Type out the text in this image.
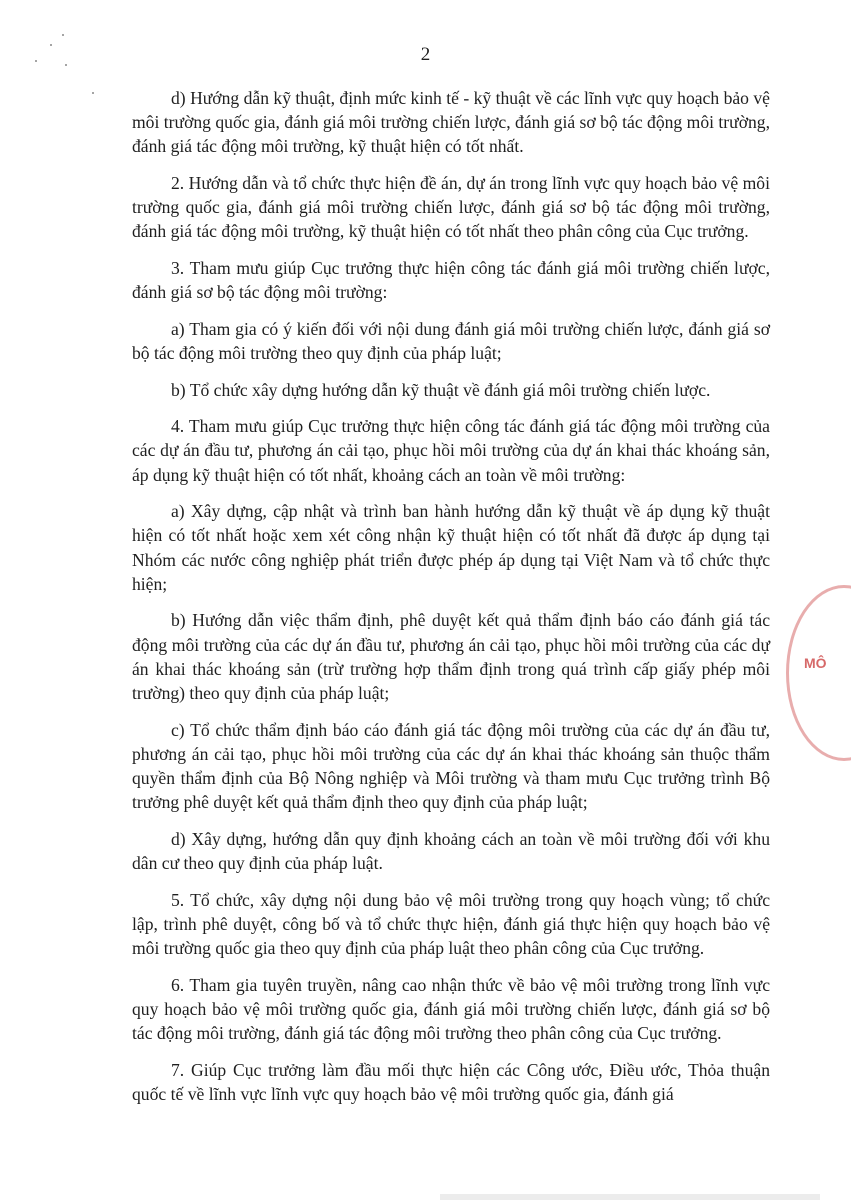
2

d) Hướng dẫn kỹ thuật, định mức kinh tế - kỹ thuật về các lĩnh vực quy hoạch bảo vệ môi trường quốc gia, đánh giá môi trường chiến lược, đánh giá sơ bộ tác động môi trường, đánh giá tác động môi trường, kỹ thuật hiện có tốt nhất.

2. Hướng dẫn và tổ chức thực hiện đề án, dự án trong lĩnh vực quy hoạch bảo vệ môi trường quốc gia, đánh giá môi trường chiến lược, đánh giá sơ bộ tác động môi trường, đánh giá tác động môi trường, kỹ thuật hiện có tốt nhất theo phân công của Cục trưởng.

3. Tham mưu giúp Cục trưởng thực hiện công tác đánh giá môi trường chiến lược, đánh giá sơ bộ tác động môi trường:

a) Tham gia có ý kiến đối với nội dung đánh giá môi trường chiến lược, đánh giá sơ bộ tác động môi trường theo quy định của pháp luật;

b) Tổ chức xây dựng hướng dẫn kỹ thuật về đánh giá môi trường chiến lược.

4. Tham mưu giúp Cục trưởng thực hiện công tác đánh giá tác động môi trường của các dự án đầu tư, phương án cải tạo, phục hồi môi trường của dự án khai thác khoáng sản, áp dụng kỹ thuật hiện có tốt nhất, khoảng cách an toàn về môi trường:

a) Xây dựng, cập nhật và trình ban hành hướng dẫn kỹ thuật về áp dụng kỹ thuật hiện có tốt nhất hoặc xem xét công nhận kỹ thuật hiện có tốt nhất đã được áp dụng tại Nhóm các nước công nghiệp phát triển được phép áp dụng tại Việt Nam và tổ chức thực hiện;

b) Hướng dẫn việc thẩm định, phê duyệt kết quả thẩm định báo cáo đánh giá tác động môi trường của các dự án đầu tư, phương án cải tạo, phục hồi môi trường của các dự án khai thác khoáng sản (trừ trường hợp thẩm định trong quá trình cấp giấy phép môi trường) theo quy định của pháp luật;

c) Tổ chức thẩm định báo cáo đánh giá tác động môi trường của các dự án đầu tư, phương án cải tạo, phục hồi môi trường của các dự án khai thác khoáng sản thuộc thẩm quyền thẩm định của Bộ Nông nghiệp và Môi trường và tham mưu Cục trưởng trình Bộ trưởng phê duyệt kết quả thẩm định theo quy định của pháp luật;

d) Xây dựng, hướng dẫn quy định khoảng cách an toàn về môi trường đối với khu dân cư theo quy định của pháp luật.

5. Tổ chức, xây dựng nội dung bảo vệ môi trường trong quy hoạch vùng; tổ chức lập, trình phê duyệt, công bố và tổ chức thực hiện, đánh giá thực hiện quy hoạch bảo vệ môi trường quốc gia theo quy định của pháp luật theo phân công của Cục trưởng.

6. Tham gia tuyên truyền, nâng cao nhận thức về bảo vệ môi trường trong lĩnh vực quy hoạch bảo vệ môi trường quốc gia, đánh giá môi trường chiến lược, đánh giá sơ bộ tác động môi trường, đánh giá tác động môi trường theo phân công của Cục trưởng.

7. Giúp Cục trưởng làm đầu mối thực hiện các Công ước, Điều ước, Thỏa thuận quốc tế về lĩnh vực lĩnh vực quy hoạch bảo vệ môi trường quốc gia, đánh giá

MÔ
